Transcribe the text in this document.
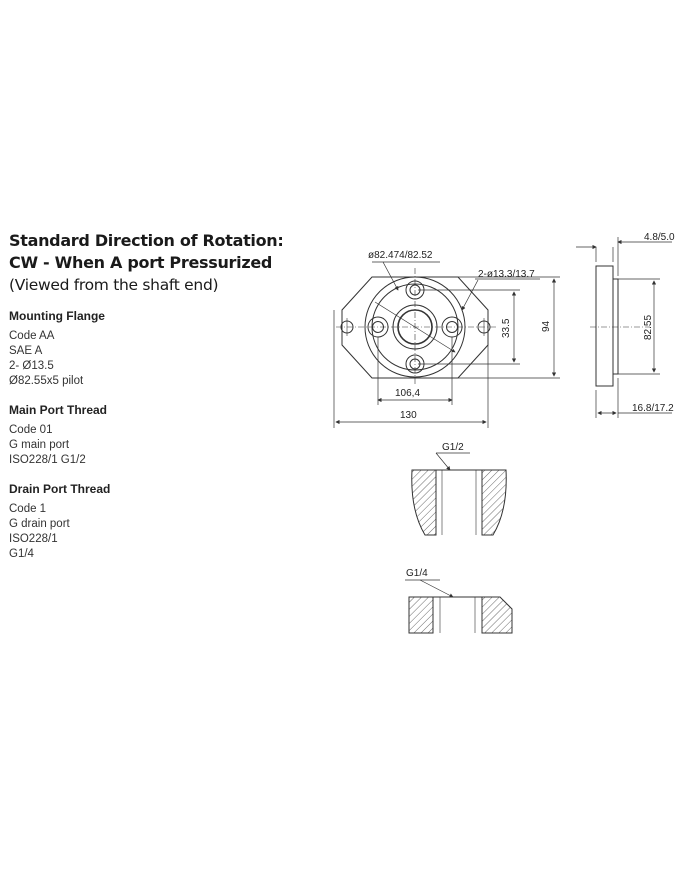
Standard Direction of Rotation:
CW - When A port Pressurized
(Viewed from the shaft end)
Mounting Flange
Code AA
SAE A
2- Ø13.5
Ø82.55x5 pilot
Main Port Thread
Code 01
G main port
ISO228/1 G1/2
Drain Port Thread
Code 1
G drain port
ISO228/1
G1/4
ø82.474/82.52
2-ø13.3/13.7
33.5	94
106,4
130
4.8/5.0
82.55
16.8/17.2
G1/2
G1/4
